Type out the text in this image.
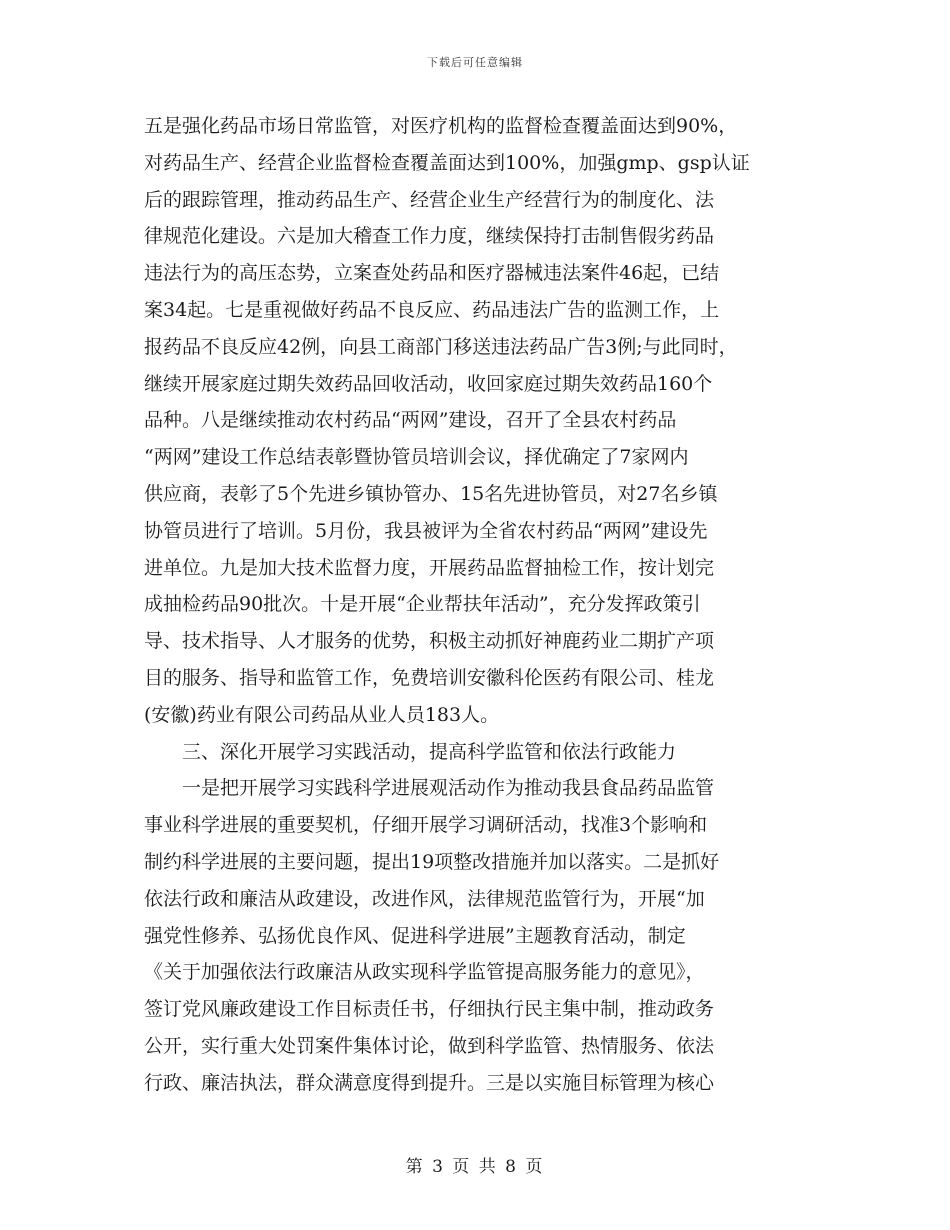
下载后可任意编辑
五是强化药品市场日常监管，对医疗机构的监督检查覆盖面达到90%，
对药品生产、经营企业监督检查覆盖面达到100%，加强gmp、gsp认证
后的跟踪管理，推动药品生产、经营企业生产经营行为的制度化、法
律规范化建设。六是加大稽查工作力度，继续保持打击制售假劣药品
违法行为的高压态势，立案查处药品和医疗器械违法案件46起，已结
案34起。七是重视做好药品不良反应、药品违法广告的监测工作，上
报药品不良反应42例，向县工商部门移送违法药品广告3例;与此同时，
继续开展家庭过期失效药品回收活动，收回家庭过期失效药品160个
品种。八是继续推动农村药品“两网”建设，召开了全县农村药品
“两网”建设工作总结表彰暨协管员培训会议，择优确定了7家网内
供应商，表彰了5个先进乡镇协管办、15名先进协管员，对27名乡镇
协管员进行了培训。5月份，我县被评为全省农村药品“两网”建设先
进单位。九是加大技术监督力度，开展药品监督抽检工作，按计划完
成抽检药品90批次。十是开展“企业帮扶年活动”，充分发挥政策引
导、技术指导、人才服务的优势，积极主动抓好神鹿药业二期扩产项
目的服务、指导和监管工作，免费培训安徽科伦医药有限公司、桂龙
(安徽)药业有限公司药品从业人员183人。
三、深化开展学习实践活动，提高科学监管和依法行政能力
一是把开展学习实践科学进展观活动作为推动我县食品药品监管
事业科学进展的重要契机，仔细开展学习调研活动，找准3个影响和
制约科学进展的主要问题，提出19项整改措施并加以落实。二是抓好
依法行政和廉洁从政建设，改进作风，法律规范监管行为，开展“加
强党性修养、弘扬优良作风、促进科学进展”主题教育活动，制定
《关于加强依法行政廉洁从政实现科学监管提高服务能力的意见》，
签订党风廉政建设工作目标责任书，仔细执行民主集中制，推动政务
公开，实行重大处罚案件集体讨论，做到科学监管、热情服务、依法
行政、廉洁执法，群众满意度得到提升。三是以实施目标管理为核心
第 3 页 共 8 页
